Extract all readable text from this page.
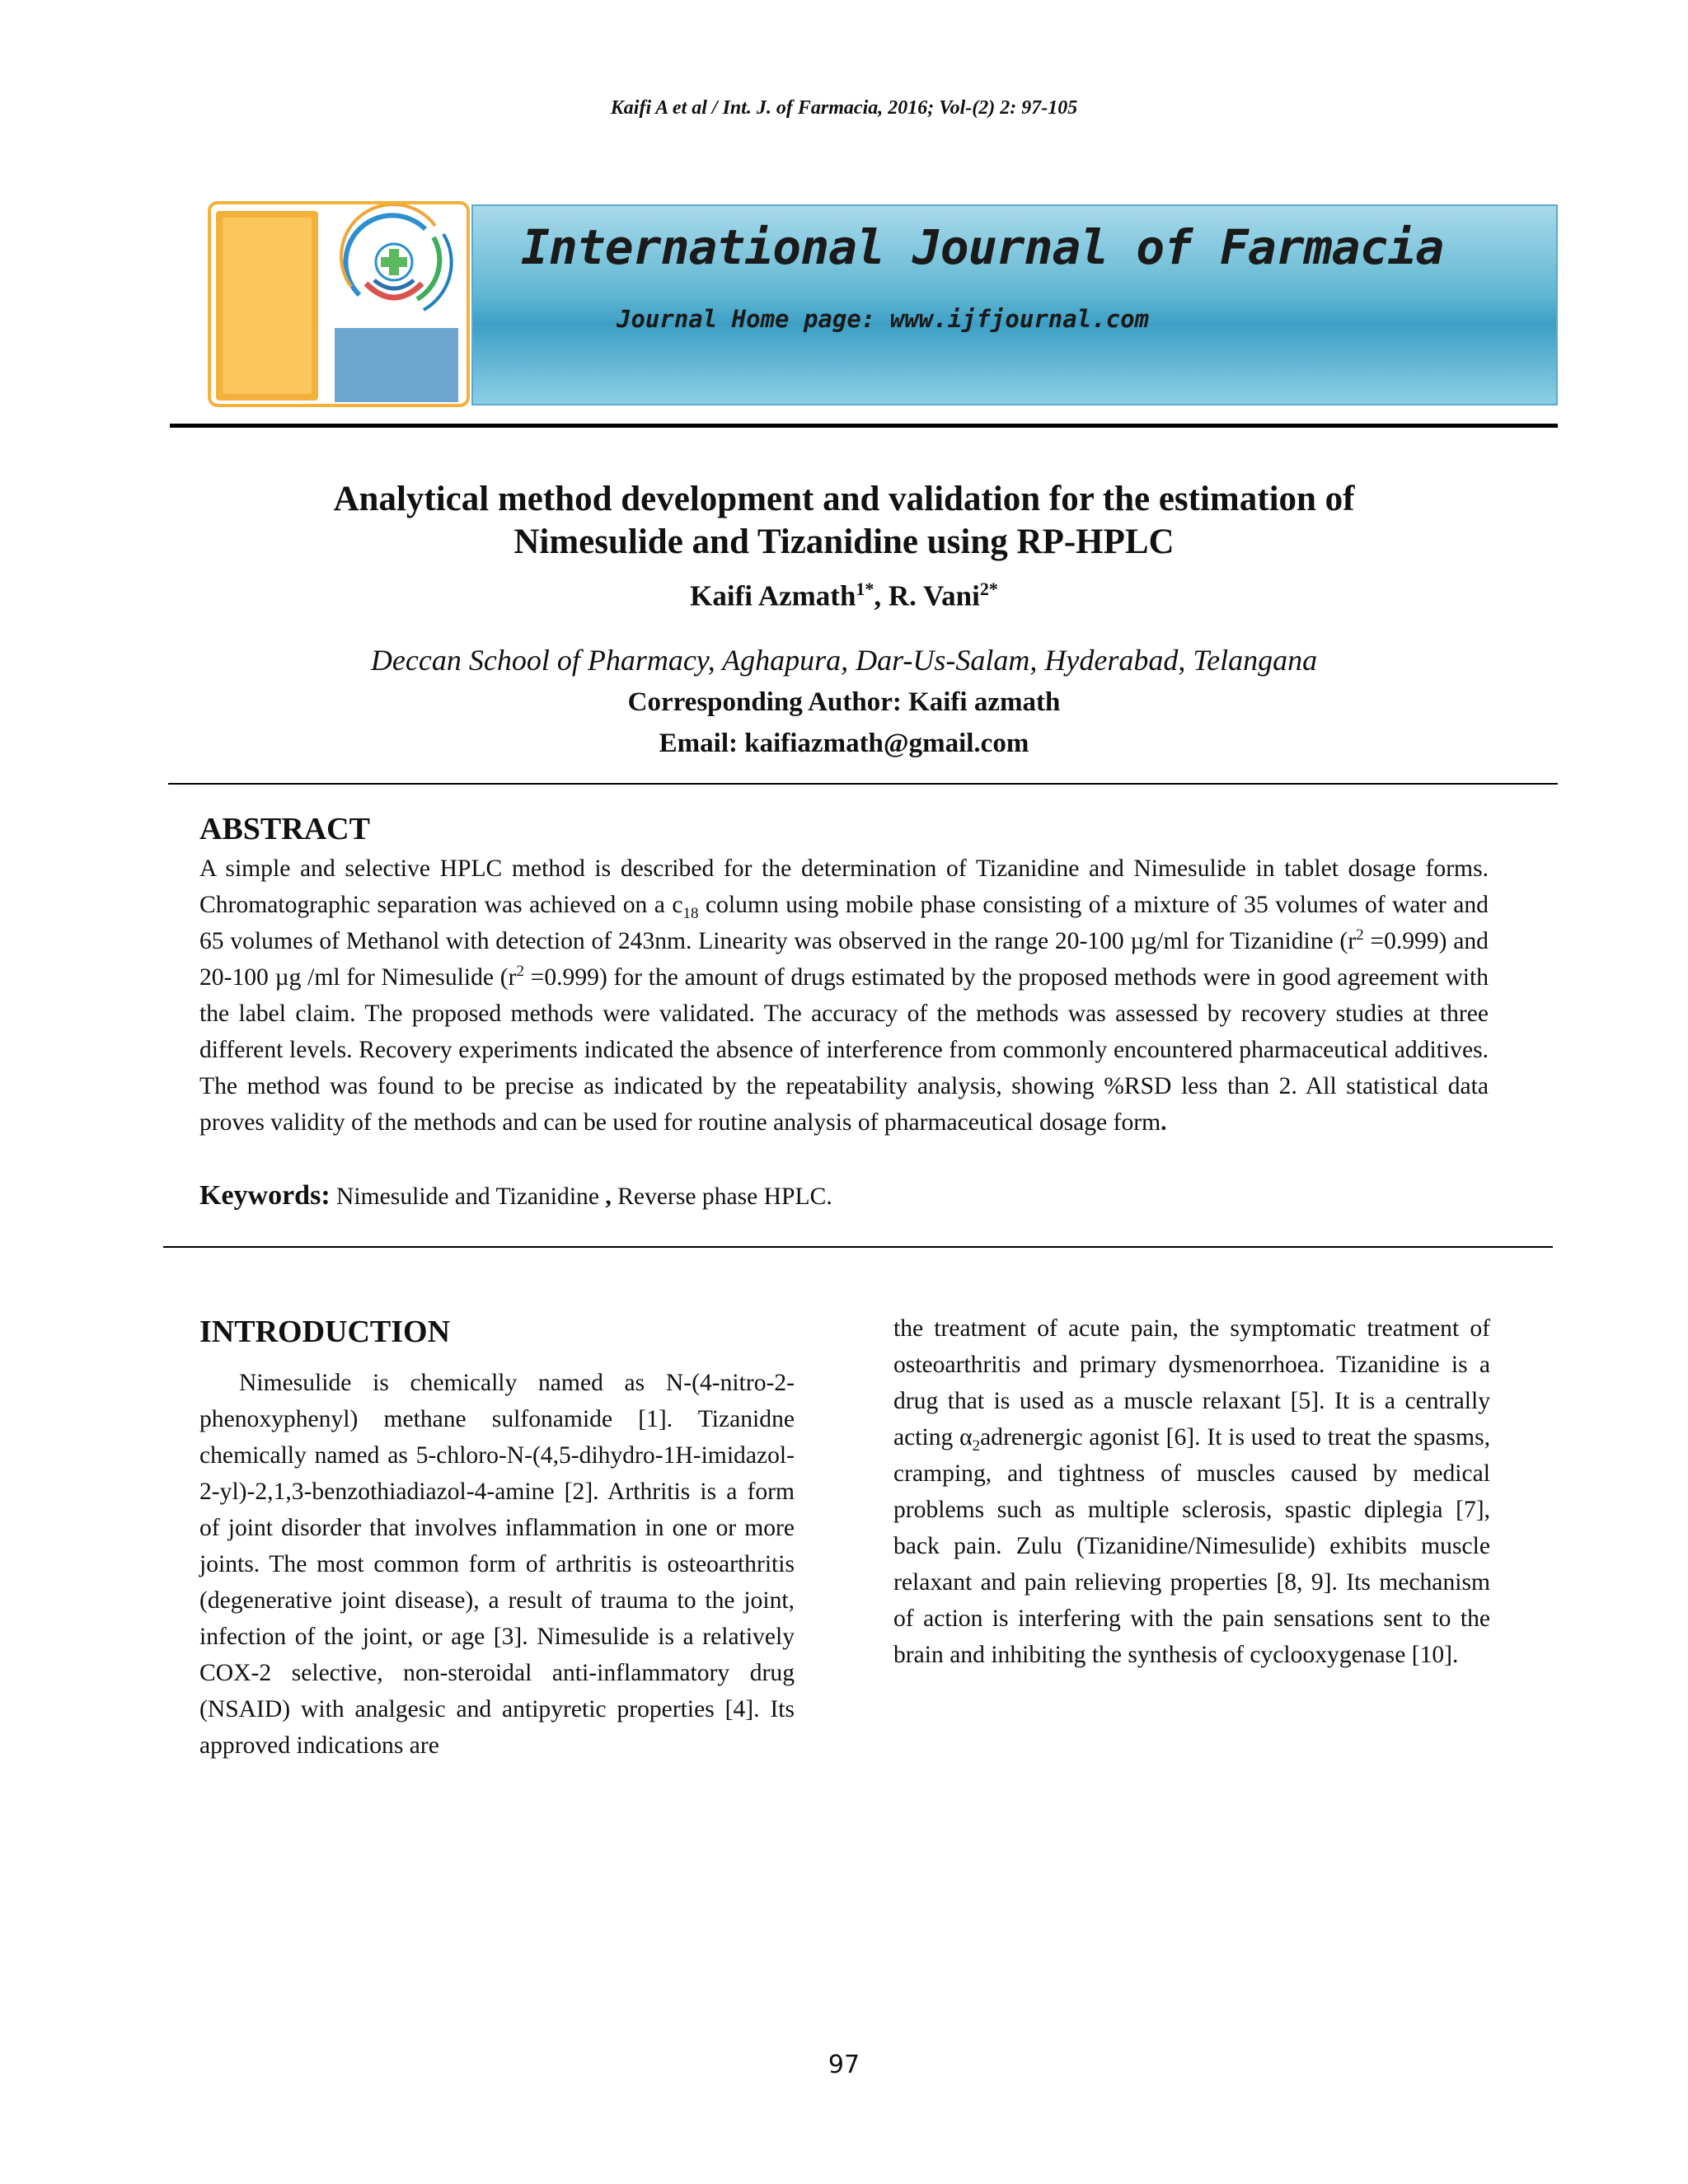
Kaifi A et al / Int. J. of Farmacia, 2016; Vol-(2) 2: 97-105
International Journal of Farmacia
Journal Home page: www.ijfjournal.com
Analytical method development and validation for the estimation of
Nimesulide and Tizanidine using RP-HPLC
Kaifi Azmath$^{1*}$, R. Vani$^{2*}$
Deccan School of Pharmacy, Aghapura, Dar-Us-Salam, Hyderabad, Telangana
Corresponding Author: Kaifi azmath
Email: kaifiazmath@gmail.com
ABSTRACT
A simple and selective HPLC method is described for the determination of Tizanidine and Nimesulide in tablet dosage forms. Chromatographic separation was achieved on a $c_{18}$ column using mobile phase consisting of a mixture of 35 volumes of water and 65 volumes of Methanol with detection of 243nm. Linearity was observed in the range 20-100 µg/ml for Tizanidine $(r^2 =0.999)$ and 20-100 µg /ml for Nimesulide $(r^2 =0.999)$ for the amount of drugs estimated by the proposed methods were in good agreement with the label claim. The proposed methods were validated. The accuracy of the methods was assessed by recovery studies at three different levels. Recovery experiments indicated the absence of interference from commonly encountered pharmaceutical additives. The method was found to be precise as indicated by the repeatability analysis, showing %RSD less than 2. All statistical data proves validity of the methods and can be used for routine analysis of pharmaceutical dosage form.
Keywords: Nimesulide and Tizanidine , Reverse phase HPLC.
INTRODUCTION
Nimesulide is chemically named as N-(4-nitro-2-phenoxyphenyl) methane sulfonamide [1]. Tizanidne chemically named as 5-chloro-N-(4,5-dihydro-1H-imidazol-2-yl)-2,1,3-benzothiadiazol-4-amine [2]. Arthritis is a form of joint disorder that involves inflammation in one or more joints. The most common form of arthritis is osteoarthritis (degenerative joint disease), a result of trauma to the joint, infection of the joint, or age [3]. Nimesulide is a relatively COX-2 selective, non-steroidal anti-inflammatory drug (NSAID) with analgesic and antipyretic properties [4]. Its approved indications are
the treatment of acute pain, the symptomatic treatment of osteoarthritis and primary dysmenorrhoea. Tizanidine is a drug that is used as a muscle relaxant [5]. It is a centrally acting $\alpha_2adrenergic$ agonist [6]. It is used to treat the spasms, cramping, and tightness of muscles caused by medical problems such as multiple sclerosis, spastic diplegia [7], back pain. Zulu (Tizanidine/Nimesulide) exhibits muscle relaxant and pain relieving properties [8, 9]. Its mechanism of action is interfering with the pain sensations sent to the brain and inhibiting the synthesis of cyclooxygenase [10].
97
